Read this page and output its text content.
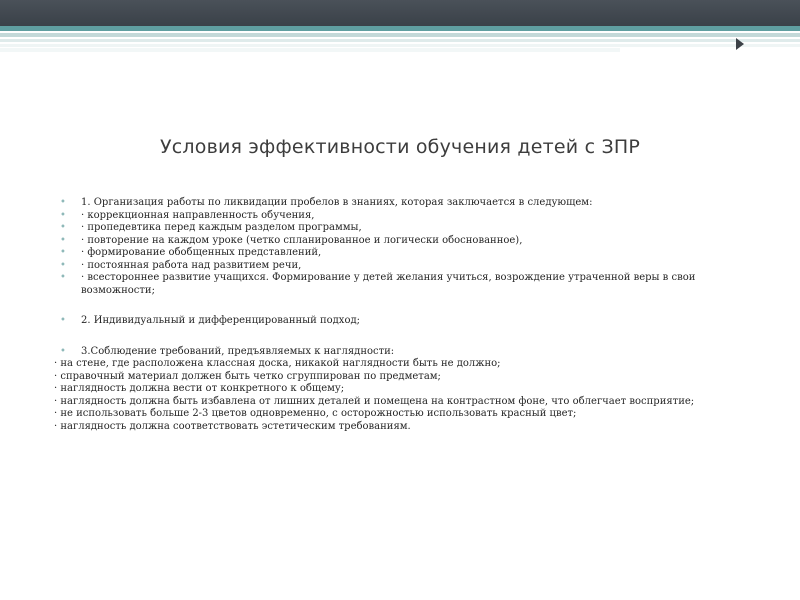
Условия эффективности обучения детей с ЗПР

• 1. Организация работы по ликвидации пробелов в знаниях, которая заключается в следующем:

• · коррекционная направленность обучения,

• · пропедевтика перед каждым разделом программы,

• · повторение на каждом уроке (четко спланированное и логически обоснованное),

• · формирование обобщенных представлений,

• · постоянная работа над развитием речи,

• · всестороннее развитие учащихся. Формирование у детей желания учиться, возрождение утраченной веры в свои возможности;

• 2. Индивидуальный и дифференцированный подход;

• 3.Соблюдение требований, предъявляемых к наглядности:

· на стене, где расположена классная доска, никакой наглядности быть не должно;

· справочный материал должен быть четко сгруппирован по предметам;

· наглядность должна вести от конкретного к общему;

· наглядность должна быть избавлена от лишних деталей и помещена на контрастном фоне, что облегчает восприятие;

· не использовать больше 2-3 цветов одновременно, с осторожностью использовать красный цвет;

· наглядность должна соответствовать эстетическим требованиям.
